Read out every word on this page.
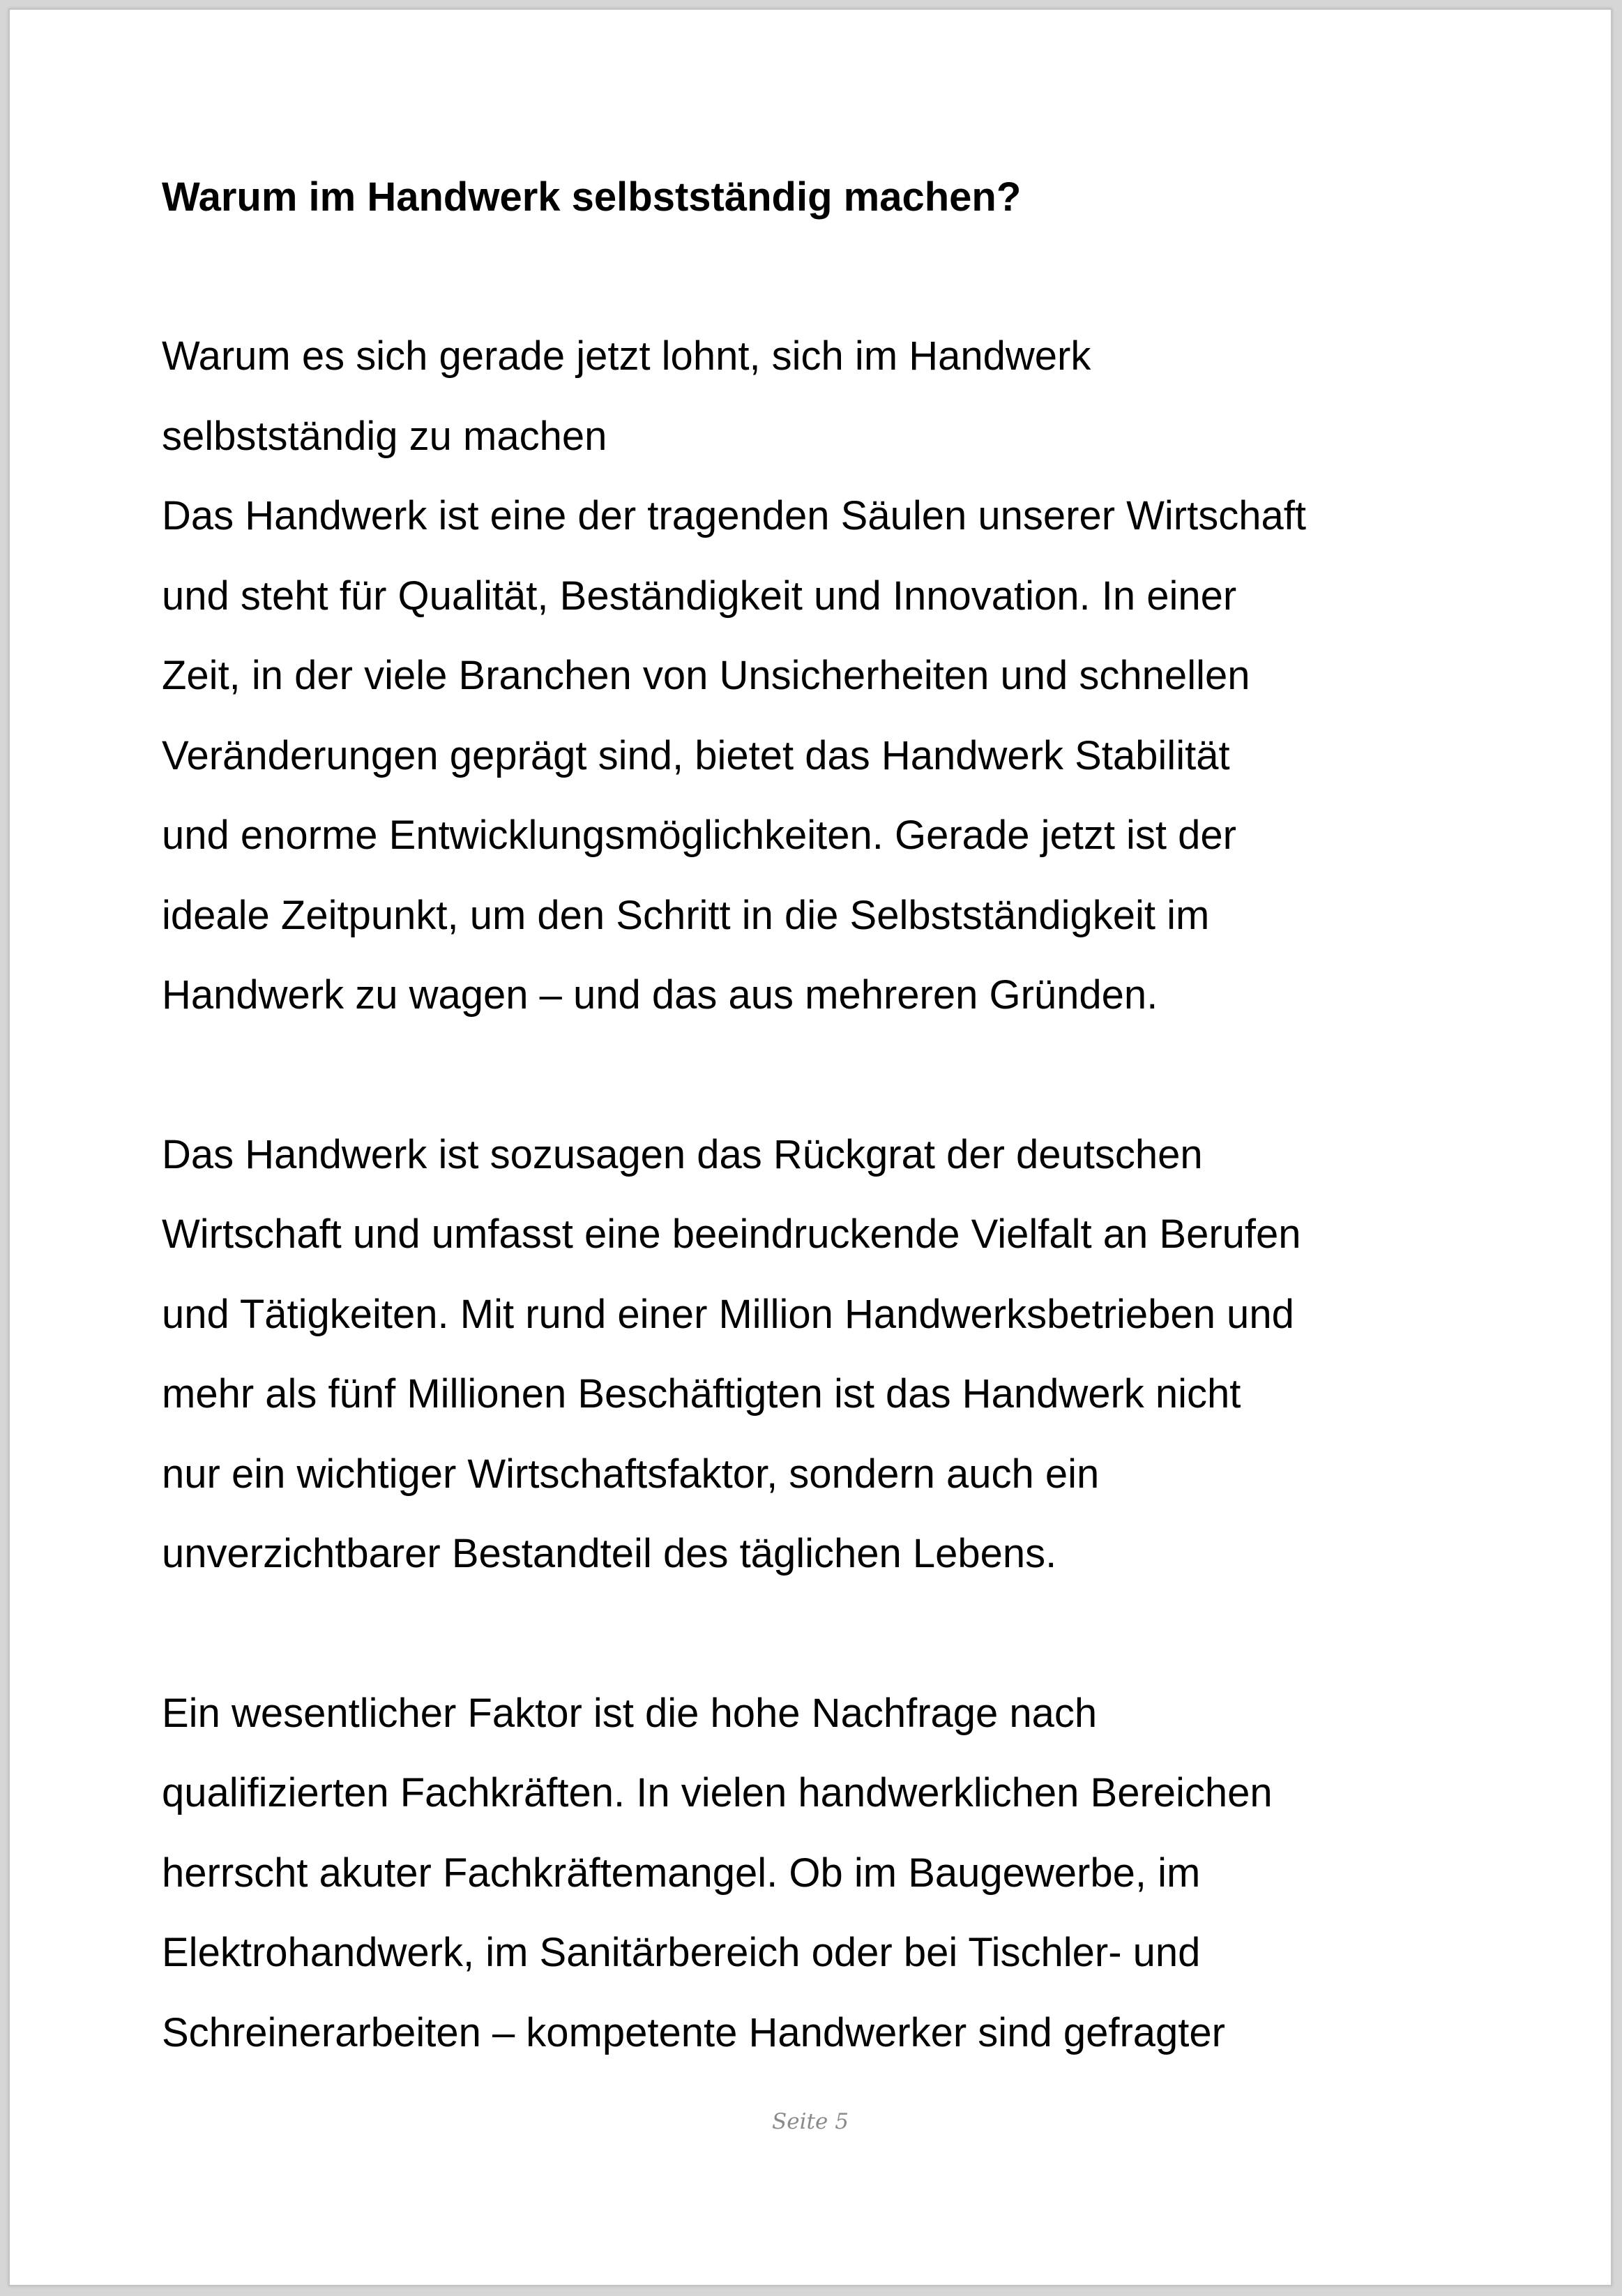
Warum im Handwerk selbstständig machen?

Warum es sich gerade jetzt lohnt, sich im Handwerk

selbstständig zu machen

Das Handwerk ist eine der tragenden Säulen unserer Wirtschaft

und steht für Qualität, Beständigkeit und Innovation. In einer

Zeit, in der viele Branchen von Unsicherheiten und schnellen

Veränderungen geprägt sind, bietet das Handwerk Stabilität

und enorme Entwicklungsmöglichkeiten. Gerade jetzt ist der

ideale Zeitpunkt, um den Schritt in die Selbstständigkeit im

Handwerk zu wagen – und das aus mehreren Gründen.

Das Handwerk ist sozusagen das Rückgrat der deutschen

Wirtschaft und umfasst eine beeindruckende Vielfalt an Berufen

und Tätigkeiten. Mit rund einer Million Handwerksbetrieben und

mehr als fünf Millionen Beschäftigten ist das Handwerk nicht

nur ein wichtiger Wirtschaftsfaktor, sondern auch ein

unverzichtbarer Bestandteil des täglichen Lebens.

Ein wesentlicher Faktor ist die hohe Nachfrage nach

qualifizierten Fachkräften. In vielen handwerklichen Bereichen

herrscht akuter Fachkräftemangel. Ob im Baugewerbe, im

Elektrohandwerk, im Sanitärbereich oder bei Tischler- und

Schreinerarbeiten – kompetente Handwerker sind gefragter

Seite 5
